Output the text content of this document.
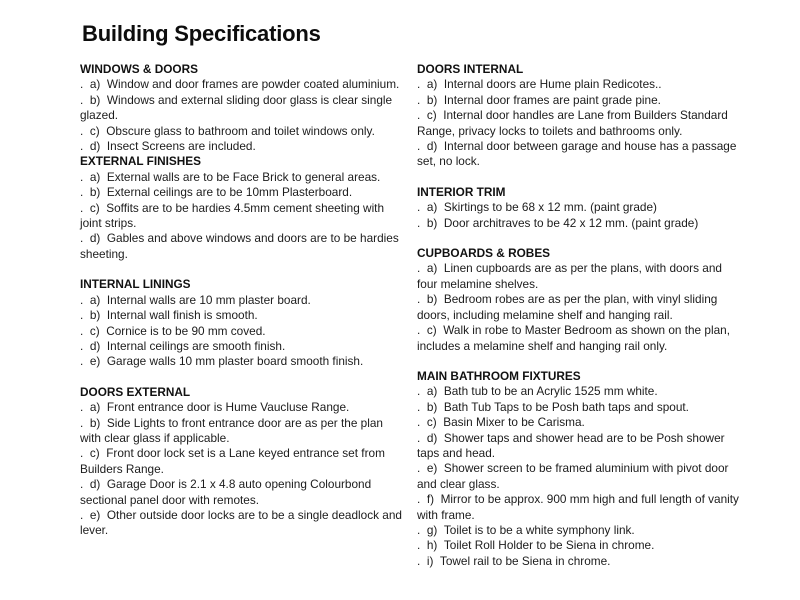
Building Specifications
WINDOWS & DOORS

.  a)  Window and door frames are powder coated aluminium.

.  b)  Windows and external sliding door glass is clear single glazed.

.  c)  Obscure glass to bathroom and toilet windows only.

.  d)  Insect Screens are included.

EXTERNAL FINISHES

.  a)  External walls are to be Face Brick to general areas.

.  b)  External ceilings are to be 10mm Plasterboard.

.  c)  Soffits are to be hardies 4.5mm cement sheeting with joint strips.

.  d)  Gables and above windows and doors are to be hardies sheeting.

INTERNAL LININGS

.  a)  Internal walls are 10 mm plaster board.

.  b)  Internal wall finish is smooth.

.  c)  Cornice is to be 90 mm coved.

.  d)  Internal ceilings are smooth finish.

.  e)  Garage walls 10 mm plaster board smooth finish.

DOORS EXTERNAL

.  a)  Front entrance door is Hume Vaucluse Range.

.  b)  Side Lights to front entrance door are as per the plan with clear glass if applicable.

.  c)  Front door lock set is a Lane keyed entrance set from Builders Range.

.  d)  Garage Door is 2.1 x 4.8 auto opening Colourbond sectional panel door with remotes.

.  e)  Other outside door locks are to be a single deadlock and lever.

DOORS INTERNAL

.  a)  Internal doors are Hume plain Redicotes..

.  b)  Internal door frames are paint grade pine.

.  c)  Internal door handles are Lane from Builders Standard Range, privacy locks to toilets and bathrooms only.

.  d)  Internal door between garage and house has a passage set, no lock.

INTERIOR TRIM

.  a)  Skirtings to be 68 x 12 mm. (paint grade)

.  b)  Door architraves to be 42 x 12 mm. (paint grade)

CUPBOARDS & ROBES

.  a)  Linen cupboards are as per the plans, with doors and four melamine shelves.

.  b)  Bedroom robes are as per the plan, with vinyl sliding doors, including melamine shelf and hanging rail.

.  c)  Walk in robe to Master Bedroom as shown on the plan, includes a melamine shelf and hanging rail only.

MAIN BATHROOM FIXTURES

.  a)  Bath tub to be an Acrylic 1525 mm white.

.  b)  Bath Tub Taps to be Posh bath taps and spout.

.  c)  Basin Mixer to be Carisma.

.  d)  Shower taps and shower head are to be Posh shower taps and head.

.  e)  Shower screen to be framed aluminium with pivot door and clear glass.

.  f)  Mirror to be approx. 900 mm high and full length of vanity with frame.

.  g)  Toilet is to be a white symphony link.

.  h)  Toilet Roll Holder to be Siena in chrome.

.  i)  Towel rail to be Siena in chrome.
